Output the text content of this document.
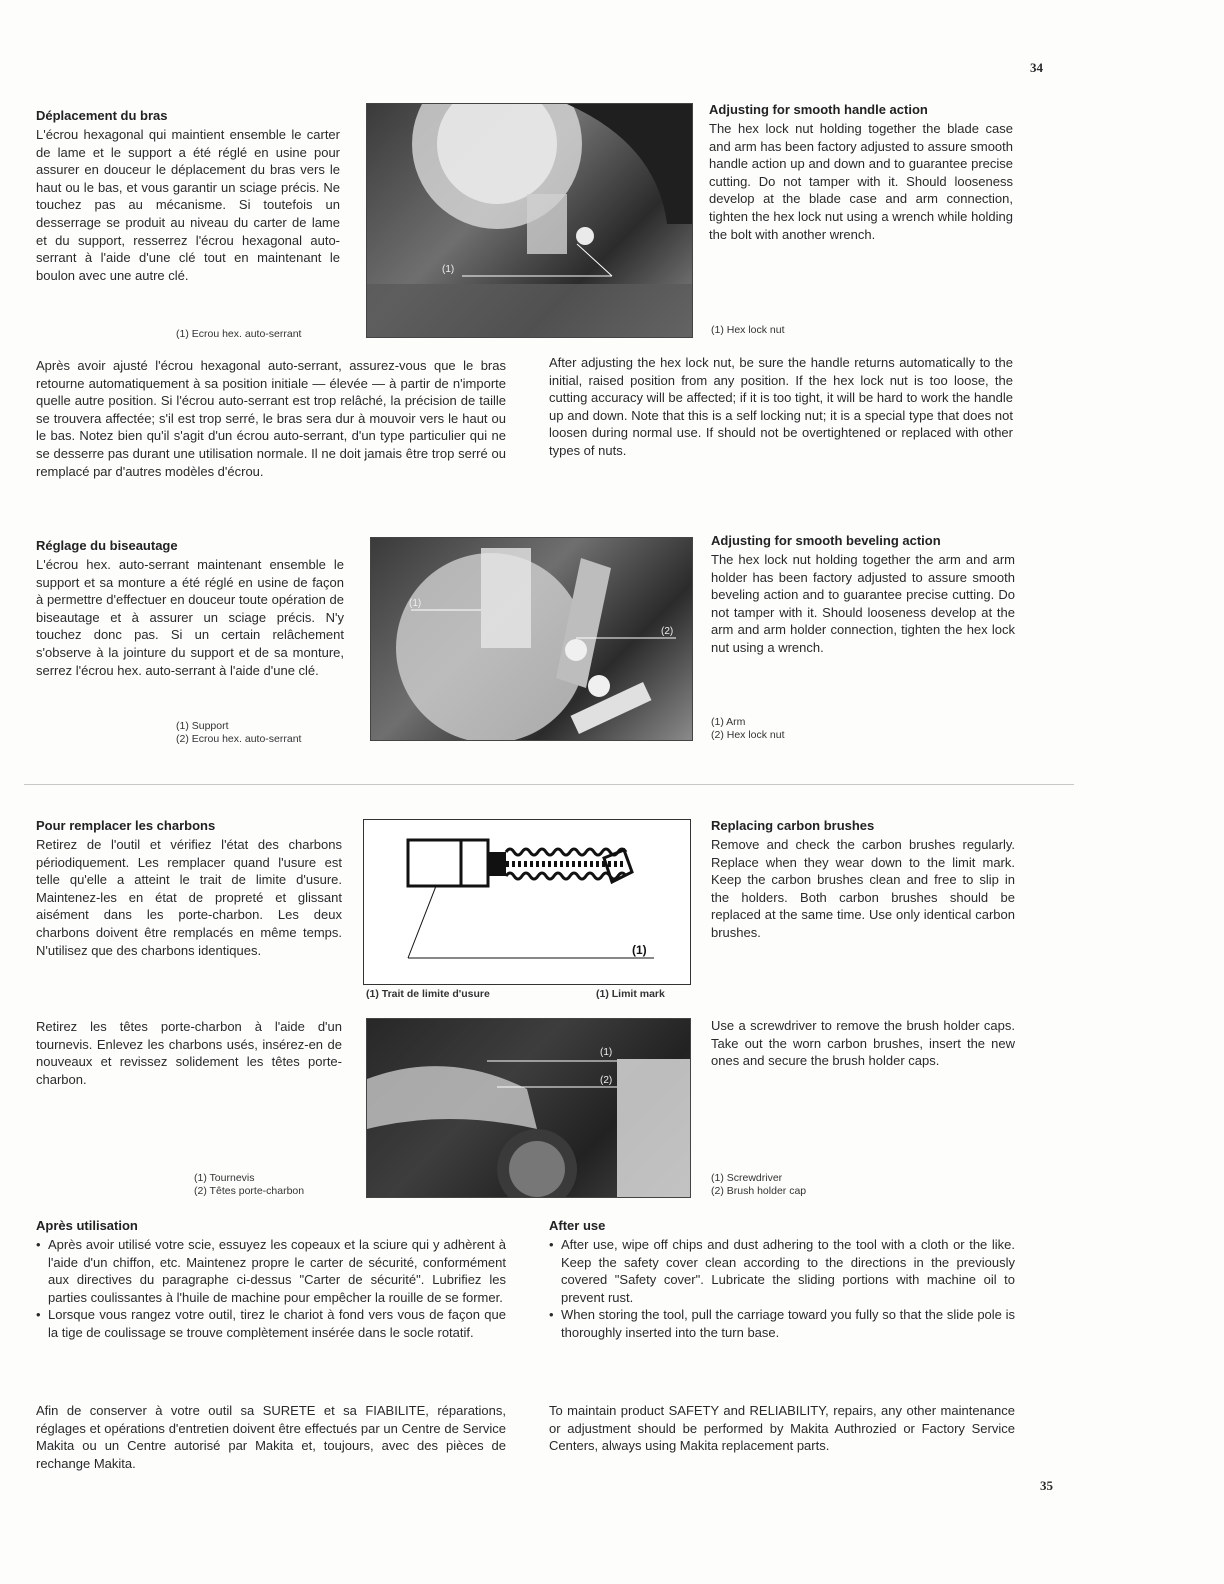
34
Déplacement du bras

L'écrou hexagonal qui maintient ensemble le carter de lame et le support a été réglé en usine pour assurer en douceur le déplacement du bras vers le haut ou le bas, et vous garantir un sciage précis. Ne touchez pas au mécanisme. Si toutefois un desserrage se produit au niveau du carter de lame et du support, resserrez l'écrou hexagonal auto-serrant à l'aide d'une clé tout en maintenant le boulon avec une autre clé.

(1) Ecrou hex. auto-serrant
(1)
Adjusting for smooth handle action

The hex lock nut holding together the blade case and arm has been factory adjusted to assure smooth handle action up and down and to guarantee precise cutting. Do not tamper with it. Should looseness develop at the blade case and arm connection, tighten the hex lock nut using a wrench while holding the bolt with another wrench.

(1) Hex lock nut

Après avoir ajusté l'écrou hexagonal auto-serrant, assurez-vous que le bras retourne automatiquement à sa position initiale — élevée — à partir de n'importe quelle autre position. Si l'écrou auto-serrant est trop relâché, la précision de taille se trouvera affectée; s'il est trop serré, le bras sera dur à mouvoir vers le haut ou le bas. Notez bien qu'il s'agit d'un écrou auto-serrant, d'un type particulier qui ne se desserre pas durant une utilisation normale. Il ne doit jamais être trop serré ou remplacé par d'autres modèles d'écrou.

After adjusting the hex lock nut, be sure the handle returns automatically to the initial, raised position from any position. If the hex lock nut is too loose, the cutting accuracy will be affected; if it is too tight, it will be hard to work the handle up and down. Note that this is a self locking nut; it is a special type that does not loosen during normal use. If should not be overtightened or replaced with other types of nuts.

Réglage du biseautage

L'écrou hex. auto-serrant maintenant ensemble le support et sa monture a été réglé en usine de façon à permettre d'effectuer en douceur toute opération de biseautage et à assurer un sciage précis. N'y touchez donc pas. Si un certain relâchement s'observe à la jointure du support et de sa monture, serrez l'écrou hex. auto-serrant à l'aide d'une clé.

(1) Support
(2) Ecrou hex. auto-serrant
(1)
(2)
Adjusting for smooth beveling action

The hex lock nut holding together the arm and arm holder has been factory adjusted to assure smooth beveling action and to guarantee precise cutting. Do not tamper with it. Should looseness develop at the arm and arm holder connection, tighten the hex lock nut using a wrench.

(1) Arm
(2) Hex lock nut
Pour remplacer les charbons

Retirez de l'outil et vérifiez l'état des charbons périodiquement. Les remplacer quand l'usure est telle qu'elle a atteint le trait de limite d'usure. Maintenez-les en état de propreté et glissant aisément dans les porte-charbon. Les deux charbons doivent être remplacés en même temps. N'utilisez que des charbons identiques.	(1)
(1) Trait de limite d'usure	(1) Limit mark
Replacing carbon brushes

Remove and check the carbon brushes regularly. Replace when they wear down to the limit mark. Keep the carbon brushes clean and free to slip in the holders. Both carbon brushes should be replaced at the same time. Use only identical carbon brushes.

Retirez les têtes porte-charbon à l'aide d'un tournevis. Enlevez les charbons usés, insérez-en de nouveaux et revissez solidement les têtes porte-charbon.

(1) Tournevis
(2) Têtes porte-charbon
(1)
(2)

Use a screwdriver to remove the brush holder caps. Take out the worn carbon brushes, insert the new ones and secure the brush holder caps.

(1) Screwdriver
(2) Brush holder cap
Après utilisation
• Après avoir utilisé votre scie, essuyez les copeaux et la sciure qui y adhèrent à l'aide d'un chiffon, etc. Maintenez propre le carter de sécurité, conformément aux directives du paragraphe ci-dessus "Carter de sécurité". Lubrifiez les parties coulissantes à l'huile de machine pour empêcher la rouille de se former.
• Lorsque vous rangez votre outil, tirez le chariot à fond vers vous de façon que la tige de coulissage se trouve complètement insérée dans le socle rotatif.
After use
• After use, wipe off chips and dust adhering to the tool with a cloth or the like. Keep the safety cover clean according to the directions in the previously covered "Safety cover". Lubricate the sliding portions with machine oil to prevent rust.
• When storing the tool, pull the carriage toward you fully so that the slide pole is thoroughly inserted into the turn base.

Afin de conserver à votre outil sa SURETE et sa FIABILITE, réparations, réglages et opérations d'entretien doivent être effectués par un Centre de Service Makita ou un Centre autorisé par Makita et, toujours, avec des pièces de rechange Makita.

To maintain product SAFETY and RELIABILITY, repairs, any other maintenance or adjustment should be performed by Makita Authrozied or Factory Service Centers, always using Makita replacement parts.

35
